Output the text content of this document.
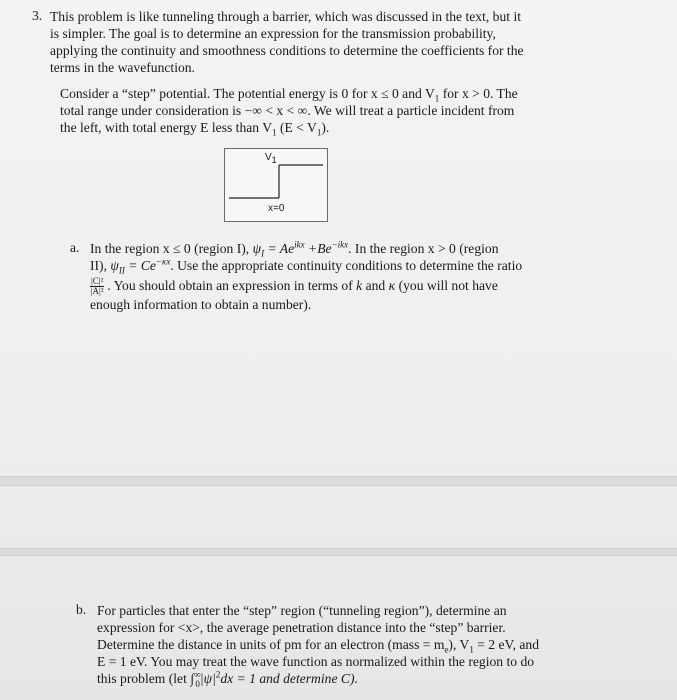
3. This problem is like tunneling through a barrier, which was discussed in the text, but it
is simpler. The goal is to determine an expression for the transmission probability,
applying the continuity and smoothness conditions to determine the coefficients for the
terms in the wavefunction.
Consider a “step” potential. The potential energy is 0 for x ≤ 0 and $V_1$ for x > 0. The
total range under consideration is −∞ < x < ∞. We will treat a particle incident from
the left, with total energy E less than $V_1$ $(E < V_1)$.
$V_1$
x=0
a. In the region x ≤ 0 (region I), $\psi_I = Ae^{ikx} +Be^{-ikx}$. In the region x > 0 (region
II), $\psi_{II} = Ce^{-\kappa x}$. Use the appropriate continuity conditions to determine the ratio
$\frac{\text{|C|²}}{\text{|A|²}}$ . You should obtain an expression in terms of k and κ (you will not have
enough information to obtain a number).
b. For particles that enter the “step” region (“tunneling region”), determine an
expression for <x>, the average penetration distance into the “step” barrier.
Determine the distance in units of pm for an electron (mass = $m_e$), $V_1 = 2$ eV, and
E = 1 eV. You may treat the wave function as normalized within the region to do
this problem (let $\int^\infty_0|\psi|^2dx = 1$ and determine C).
